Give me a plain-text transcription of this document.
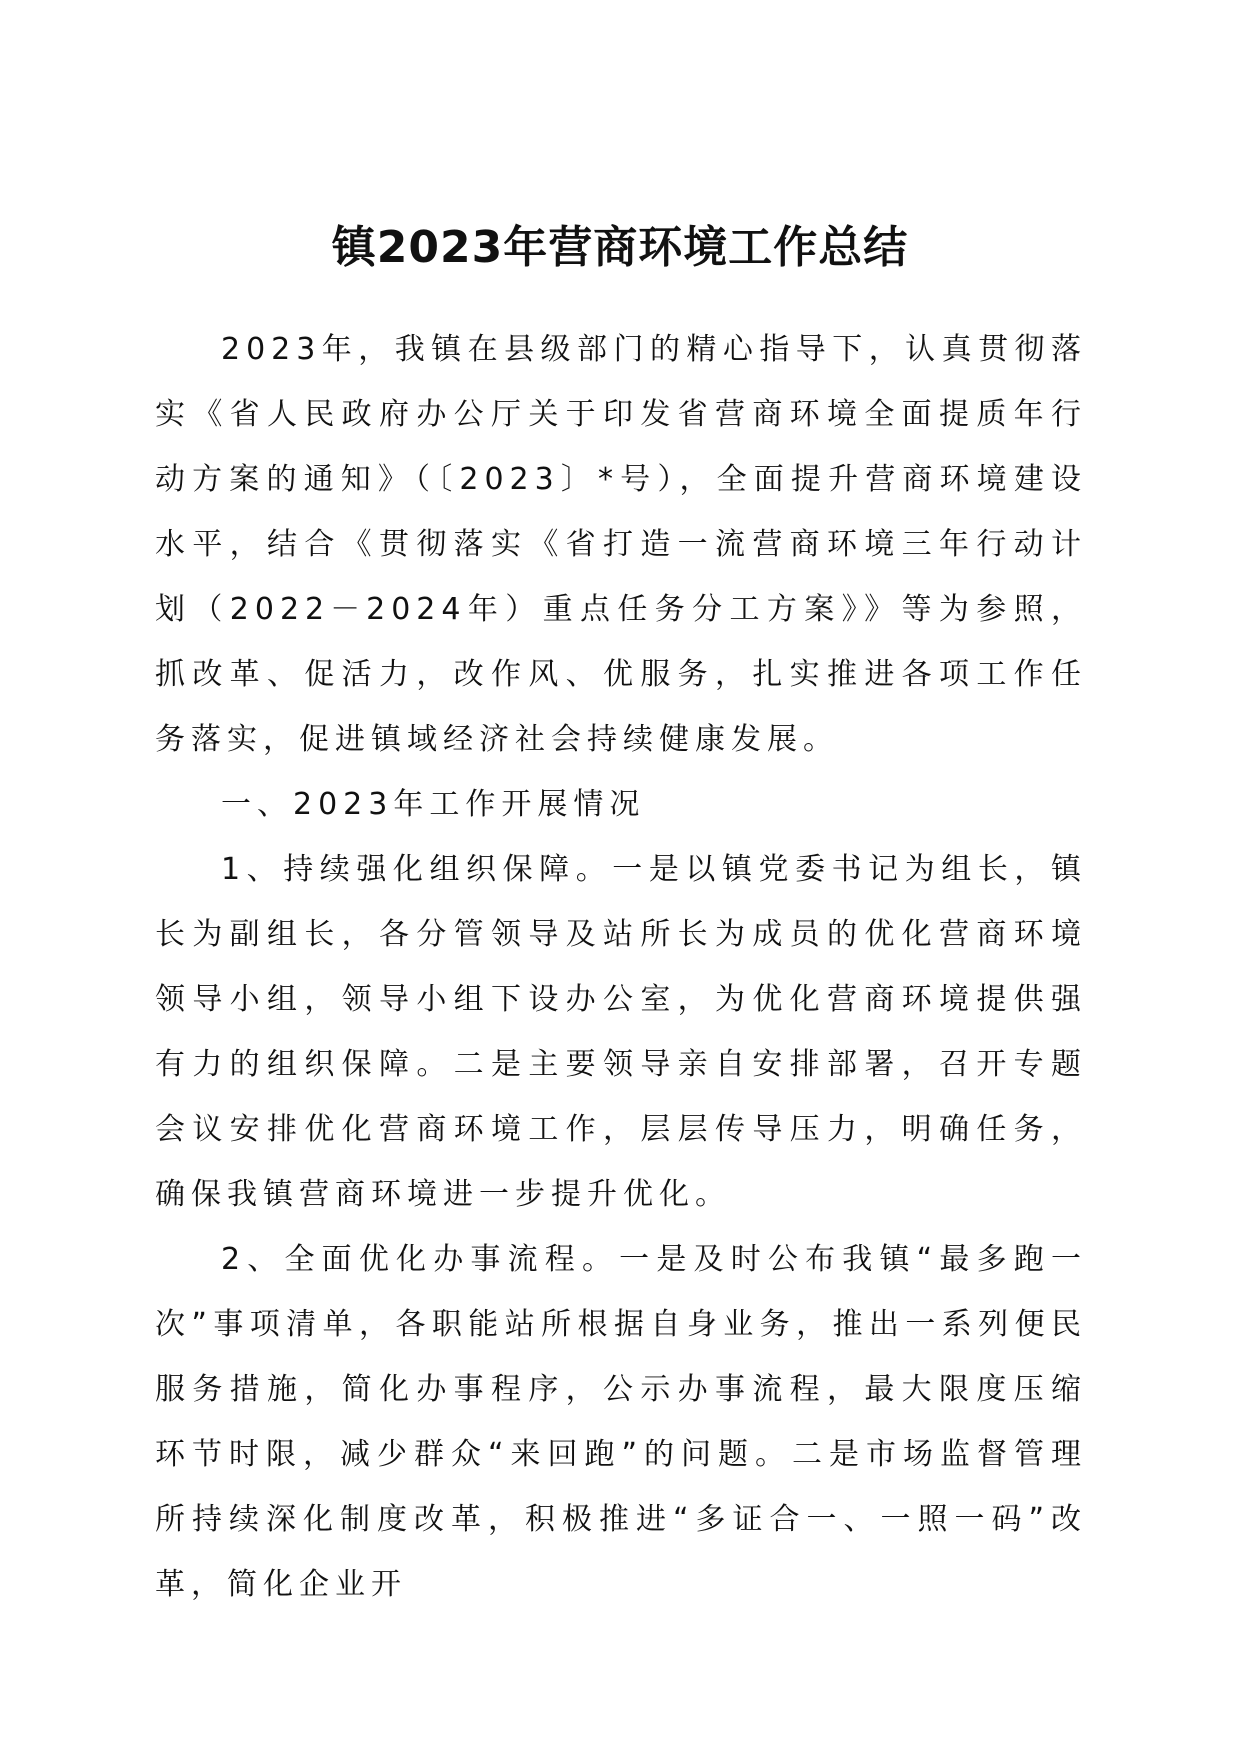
镇2023年营商环境工作总结

2023年，我镇在县级部门的精心指导下，认真贯彻落实《省人民政府办公厅关于印发省营商环境全面提质年行动方案的通知》（〔2023〕*号），全面提升营商环境建设水平，结合《贯彻落实《省打造一流营商环境三年行动计划（2022－2024年）重点任务分工方案》》等为参照，抓改革、促活力，改作风、优服务，扎实推进各项工作任务落实，促进镇域经济社会持续健康发展。

一、2023年工作开展情况

1、持续强化组织保障。一是以镇党委书记为组长，镇长为副组长，各分管领导及站所长为成员的优化营商环境领导小组，领导小组下设办公室，为优化营商环境提供强有力的组织保障。二是主要领导亲自安排部署，召开专题会议安排优化营商环境工作，层层传导压力，明确任务，确保我镇营商环境进一步提升优化。

2、全面优化办事流程。一是及时公布我镇“最多跑一次”事项清单，各职能站所根据自身业务，推出一系列便民服务措施，简化办事程序，公示办事流程，最大限度压缩环节时限，减少群众“来回跑”的问题。二是市场监督管理所持续深化制度改革，积极推进“多证合一、一照一码”改革，简化企业开
